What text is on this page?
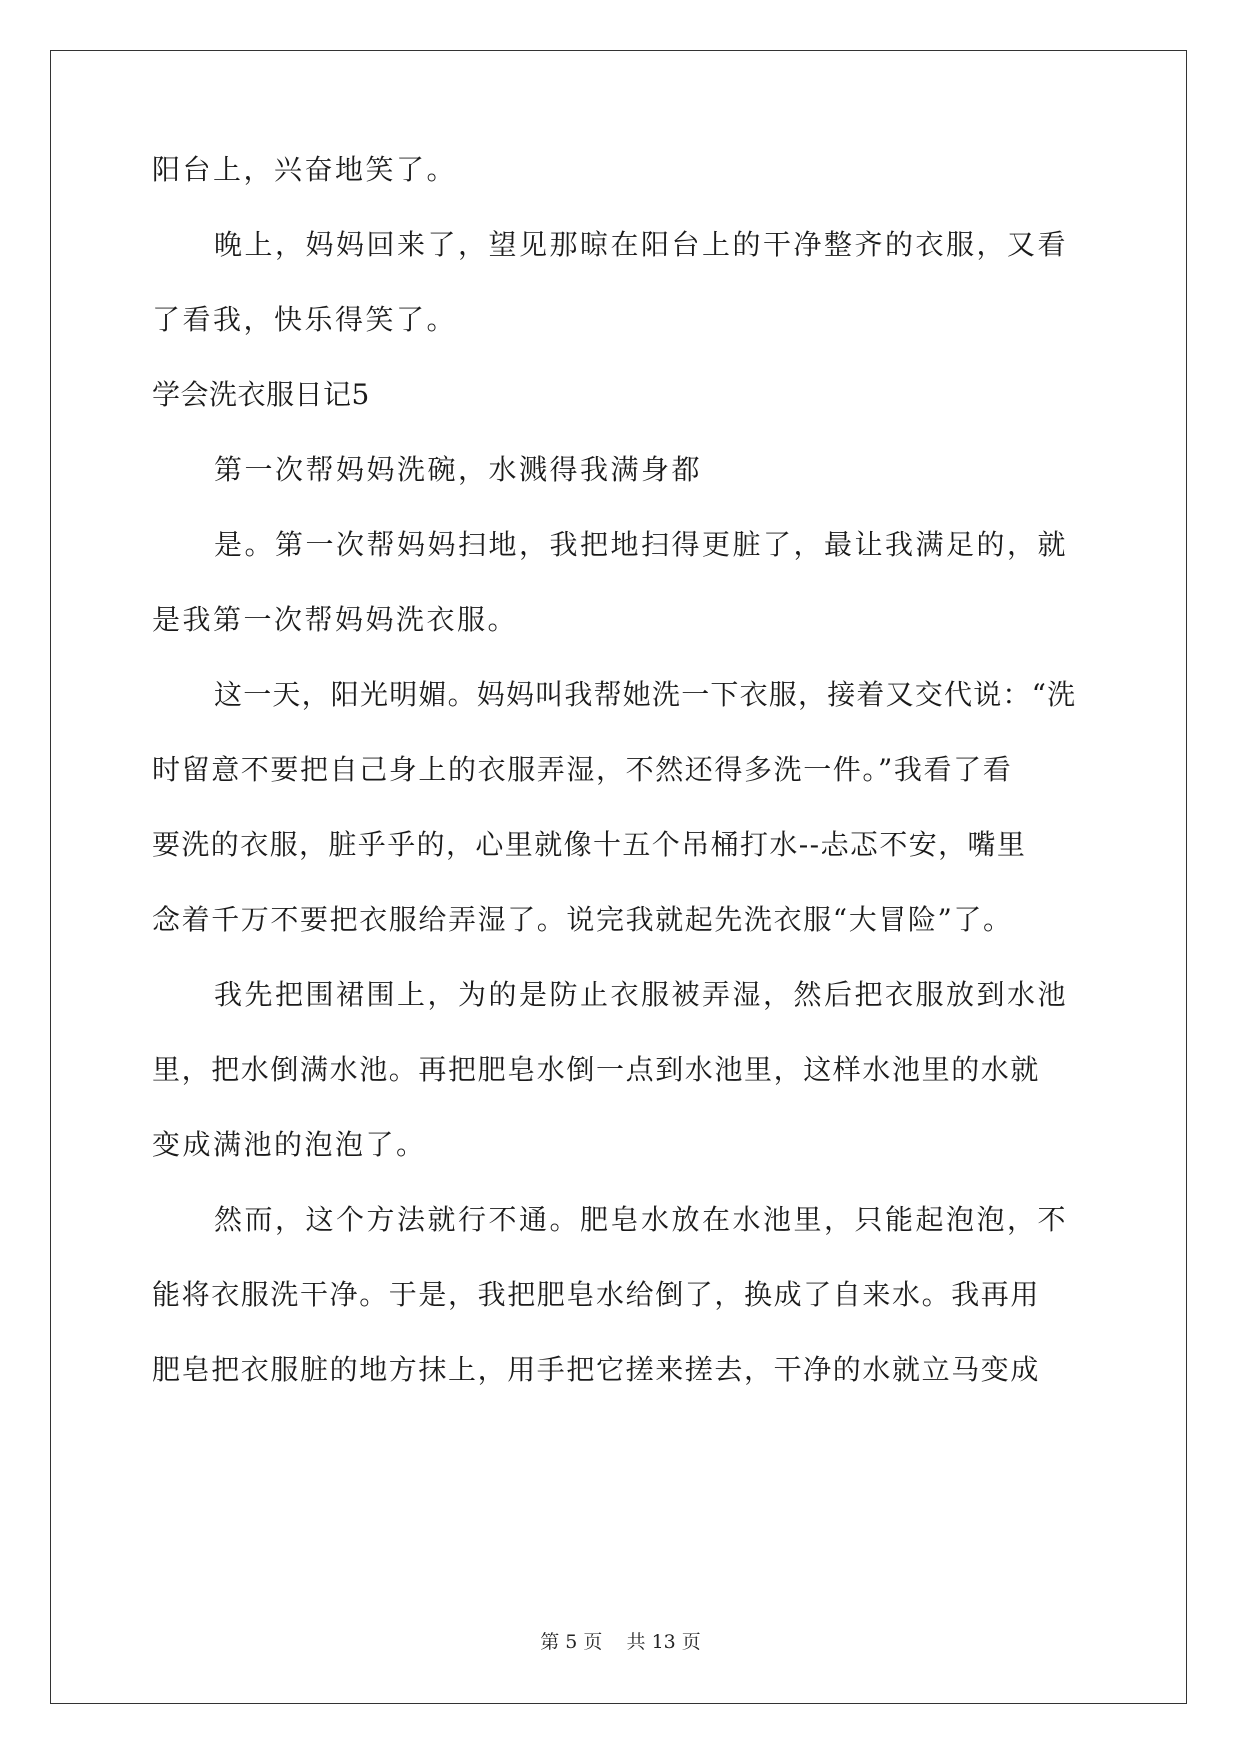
阳台上，兴奋地笑了。
晚上，妈妈回来了，望见那晾在阳台上的干净整齐的衣服，又看
了看我，快乐得笑了。
学会洗衣服日记5
第一次帮妈妈洗碗，水溅得我满身都
是。第一次帮妈妈扫地，我把地扫得更脏了，最让我满足的，就
是我第一次帮妈妈洗衣服。
这一天，阳光明媚。妈妈叫我帮她洗一下衣服，接着又交代说：“洗
时留意不要把自己身上的衣服弄湿，不然还得多洗一件。”我看了看
要洗的衣服，脏乎乎的，心里就像十五个吊桶打水--忐忑不安，嘴里
念着千万不要把衣服给弄湿了。说完我就起先洗衣服“大冒险”了。
我先把围裙围上，为的是防止衣服被弄湿，然后把衣服放到水池
里，把水倒满水池。再把肥皂水倒一点到水池里，这样水池里的水就
变成满池的泡泡了。
然而，这个方法就行不通。肥皂水放在水池里，只能起泡泡，不
能将衣服洗干净。于是，我把肥皂水给倒了，换成了自来水。我再用
肥皂把衣服脏的地方抹上，用手把它搓来搓去，干净的水就立马变成
第 5 页 共 13 页
